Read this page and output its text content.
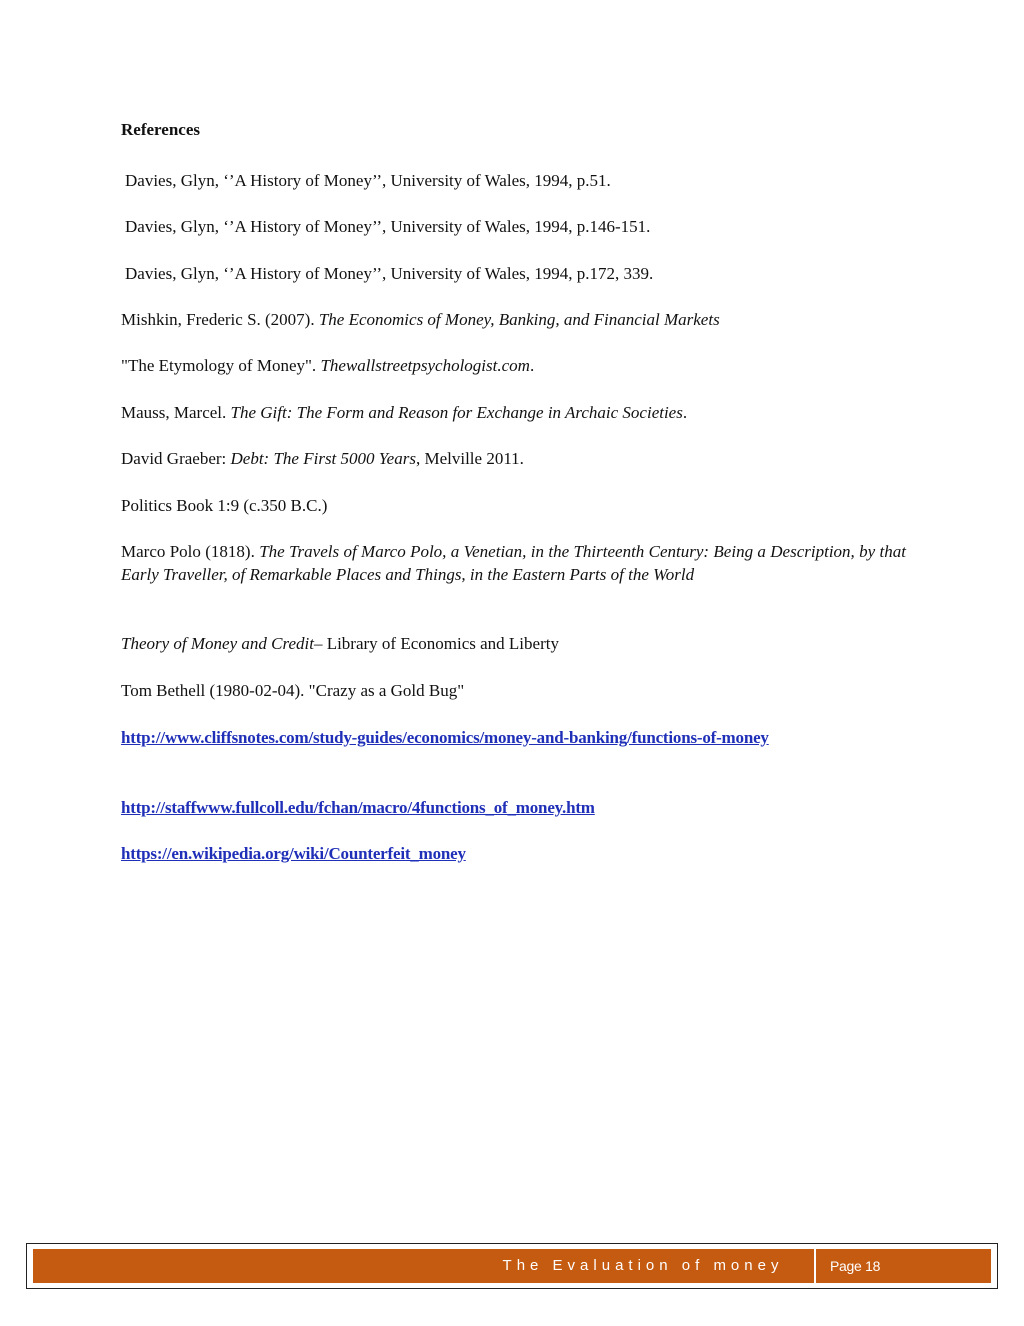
References
Davies, Glyn, ‘’A History of Money’’, University of Wales, 1994, p.51.
Davies, Glyn, ‘’A History of Money’’, University of Wales, 1994, p.146-151.
Davies, Glyn, ‘’A History of Money’’, University of Wales, 1994, p.172, 339.
Mishkin, Frederic S. (2007). The Economics of Money, Banking, and Financial Markets
"The Etymology of Money". Thewallstreetpsychologist.com.
Mauss, Marcel. The Gift: The Form and Reason for Exchange in Archaic Societies.
David Graeber: Debt: The First 5000 Years, Melville 2011.
Politics Book 1:9 (c.350 B.C.)
Marco Polo (1818). The Travels of Marco Polo, a Venetian, in the Thirteenth Century: Being a Description, by that Early Traveller, of Remarkable Places and Things, in the Eastern Parts of the World
Theory of Money and Credit– Library of Economics and Liberty
Tom Bethell (1980-02-04). "Crazy as a Gold Bug"
http://www.cliffsnotes.com/study-guides/economics/money-and-banking/functions-of-money
http://staffwww.fullcoll.edu/fchan/macro/4functions_of_money.htm
https://en.wikipedia.org/wiki/Counterfeit_money
The Evaluation of money	Page 18
